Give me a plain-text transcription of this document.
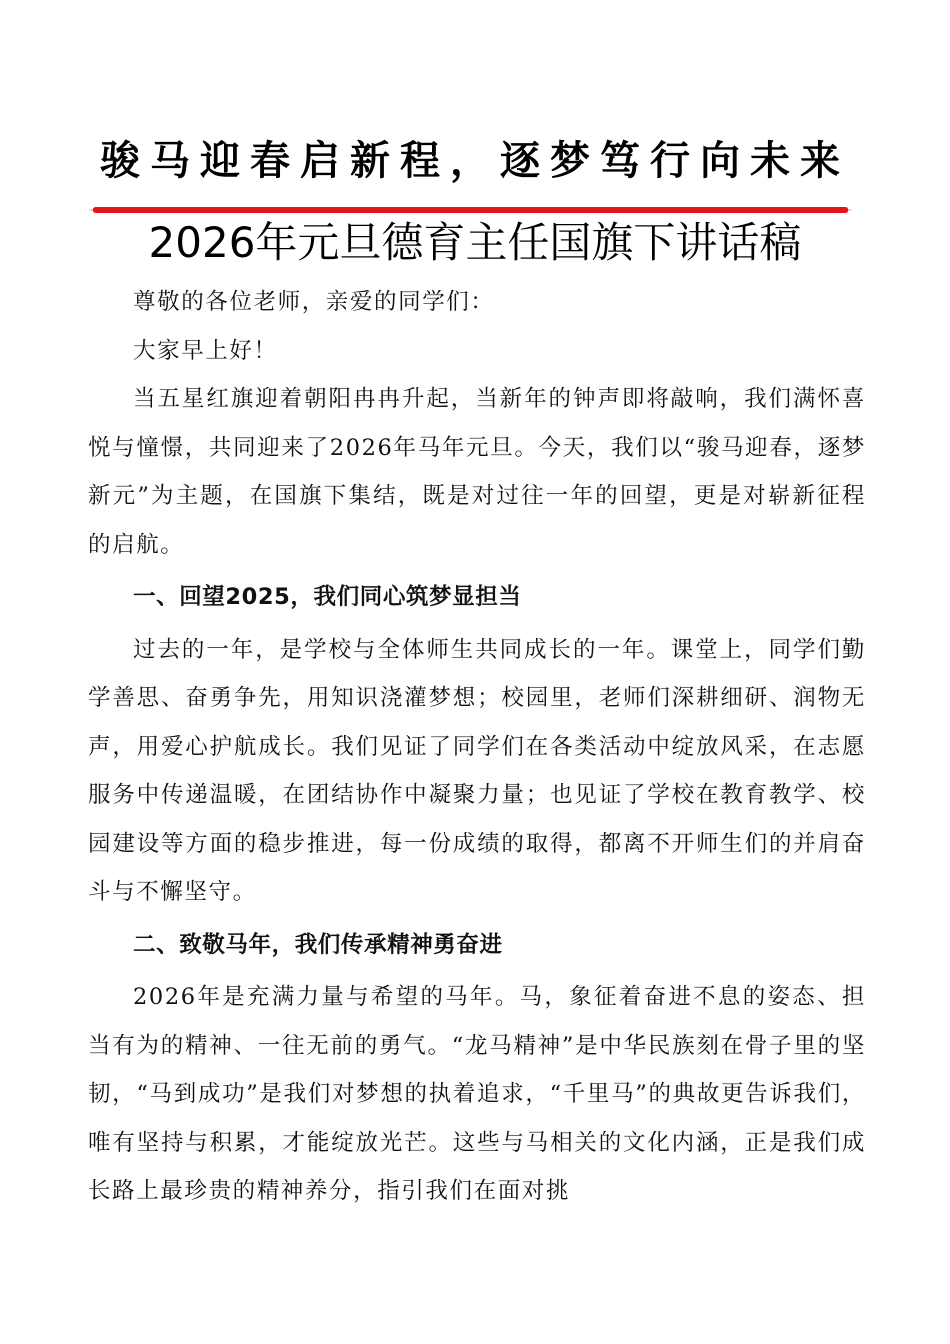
骏马迎春启新程，逐梦笃行向未来
2026年元旦德育主任国旗下讲话稿

尊敬的各位老师，亲爱的同学们：

大家早上好！

当五星红旗迎着朝阳冉冉升起，当新年的钟声即将敲响，我们满怀喜悦与憧憬，共同迎来了2026年马年元旦。今天，我们以“骏马迎春，逐梦新元”为主题，在国旗下集结，既是对过往一年的回望，更是对崭新征程的启航。

一、回望2025，我们同心筑梦显担当

过去的一年，是学校与全体师生共同成长的一年。课堂上，同学们勤学善思、奋勇争先，用知识浇灌梦想；校园里，老师们深耕细研、润物无声，用爱心护航成长。我们见证了同学们在各类活动中绽放风采，在志愿服务中传递温暖，在团结协作中凝聚力量；也见证了学校在教育教学、校园建设等方面的稳步推进，每一份成绩的取得，都离不开师生们的并肩奋斗与不懈坚守。

二、致敬马年，我们传承精神勇奋进

2026年是充满力量与希望的马年。马，象征着奋进不息的姿态、担当有为的精神、一往无前的勇气。“龙马精神”是中华民族刻在骨子里的坚韧，“马到成功”是我们对梦想的执着追求，“千里马”的典故更告诉我们，唯有坚持与积累，才能绽放光芒。这些与马相关的文化内涵，正是我们成长路上最珍贵的精神养分，指引我们在面对挑
